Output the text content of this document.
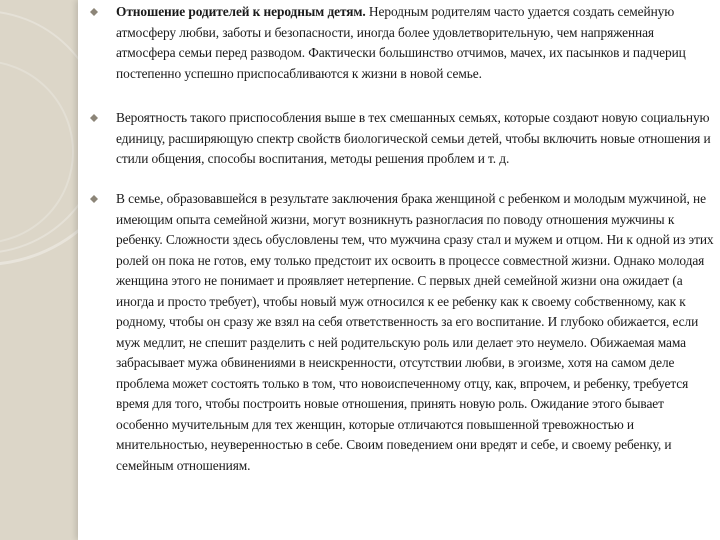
Отношение родителей к неродным детям. Неродным родителям часто удается создать семейную атмосферу любви, заботы и безопасности, иногда более удовлетворительную, чем напряженная атмосфера семьи перед разводом. Фактически большинство отчимов, мачех, их пасынков и падчериц постепенно успешно приспосабливаются к жизни в новой семье.

Вероятность такого приспособления выше в тех смешанных семьях, которые создают новую социальную единицу, расширяющую спектр свойств биологической семьи детей, чтобы включить новые отношения и стили общения, способы воспитания, методы решения проблем и т. д.

В семье, образовавшейся в результате заключения брака женщиной с ребенком и молодым мужчиной, не имеющим опыта семейной жизни, могут возникнуть разногласия по поводу отношения мужчины к ребенку. Сложности здесь обусловлены тем, что мужчина сразу стал и мужем и отцом. Ни к одной из этих ролей он пока не готов, ему только предстоит их освоить в процессе совместной жизни. Однако молодая женщина этого не понимает и проявляет нетерпение. С первых дней семейной жизни она ожидает (а иногда и просто требует), чтобы новый муж относился к ее ребенку как к своему собственному, как к родному, чтобы он сразу же взял на себя ответственность за его воспитание. И глубоко обижается, если муж медлит, не спешит разделить с ней родительскую роль или делает это неумело. Обижаемая мама забрасывает мужа обвинениями в неискренности, отсутствии любви, в эгоизме, хотя на самом деле проблема может состоять только в том, что новоиспеченному отцу, как, впрочем, и ребенку, требуется время для того, чтобы построить новые отношения, принять новую роль. Ожидание этого бывает особенно мучительным для тех женщин, которые отличаются повышенной тревожностью и мнительностью, неуверенностью в себе. Своим поведением они вредят и себе, и своему ребенку, и семейным отношениям.
